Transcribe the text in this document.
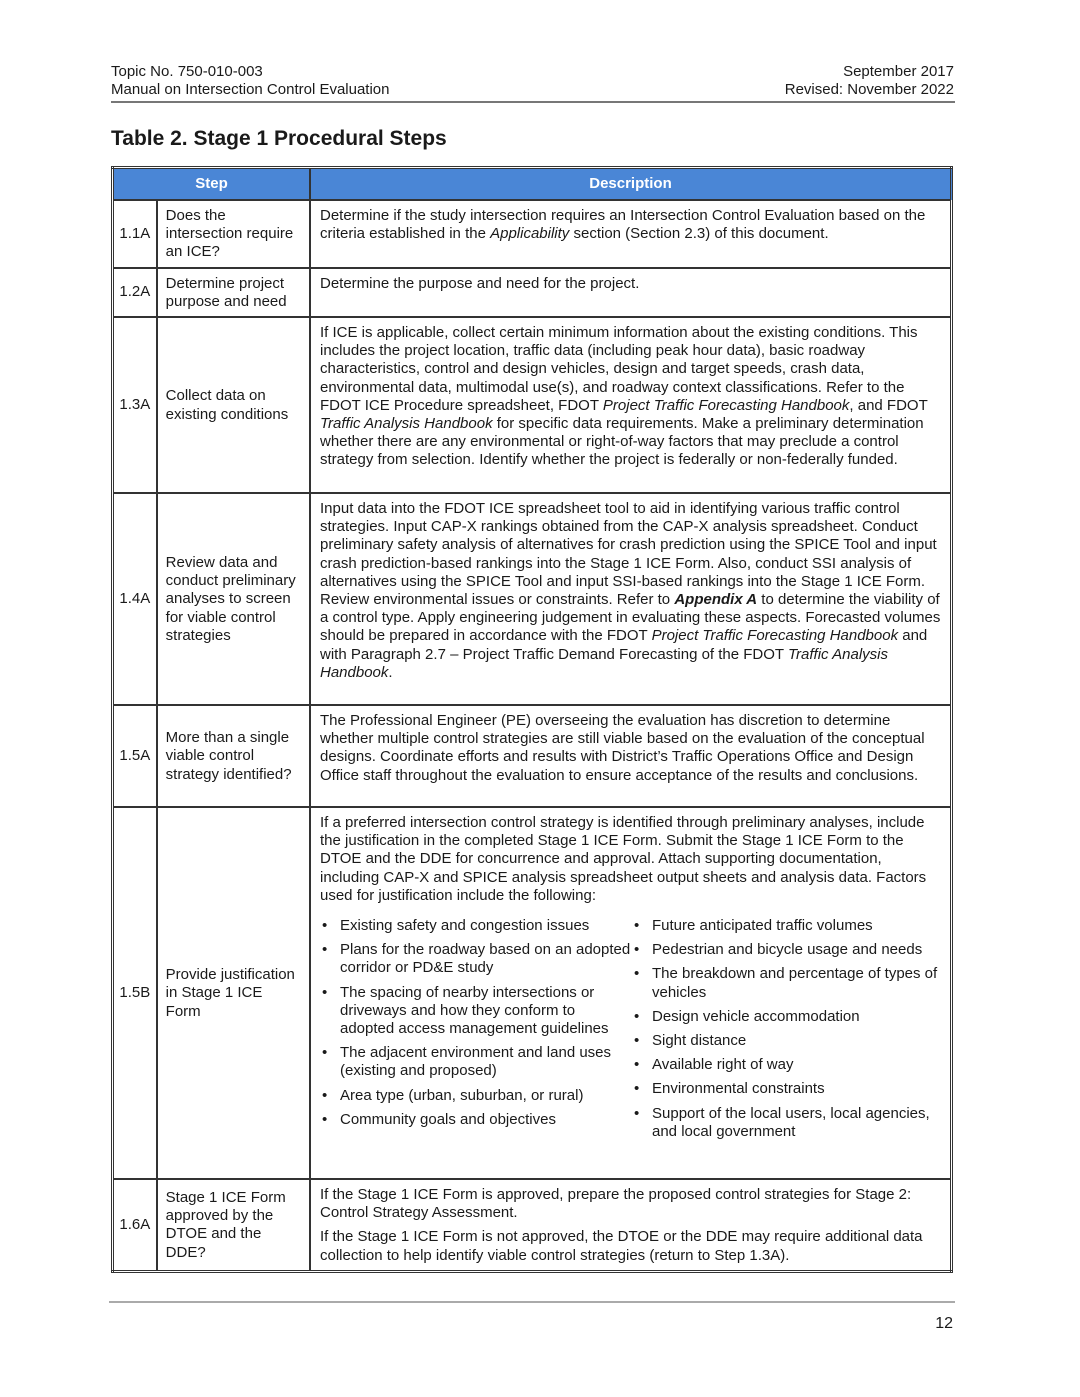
Topic No. 750-010-003
Manual on Intersection Control Evaluation
September 2017
Revised: November 2022
Table 2. Stage 1 Procedural Steps
Step		Description
1.1A	Does the intersection require an ICE?	Determine if the study intersection requires an Intersection Control Evaluation based on the criteria established in the Applicability section (Section 2.3) of this document.
1.2A	Determine project purpose and need	Determine the purpose and need for the project.
1.3A	Collect data on existing conditions	If ICE is applicable, collect certain minimum information about the existing conditions. This includes the project location, traffic data (including peak hour data), basic roadway characteristics, control and design vehicles, design and target speeds, crash data, environmental data, multimodal use(s), and roadway context classifications. Refer to the FDOT ICE Procedure spreadsheet, FDOT Project Traffic Forecasting Handbook, and FDOT Traffic Analysis Handbook for specific data requirements. Make a preliminary determination whether there are any environmental or right-of-way factors that may preclude a control strategy from selection. Identify whether the project is federally or non-federally funded.
1.4A	Review data and conduct preliminary analyses to screen for viable control strategies	Input data into the FDOT ICE spreadsheet tool to aid in identifying various traffic control strategies. Input CAP-X rankings obtained from the CAP-X analysis spreadsheet. Conduct preliminary safety analysis of alternatives for crash prediction using the SPICE Tool and input crash prediction-based rankings into the Stage 1 ICE Form. Also, conduct SSI analysis of alternatives using the SPICE Tool and input SSI-based rankings into the Stage 1 ICE Form. Review environmental issues or constraints. Refer to Appendix A to determine the viability of a control type. Apply engineering judgement in evaluating these aspects. Forecasted volumes should be prepared in accordance with the FDOT Project Traffic Forecasting Handbook and with Paragraph 2.7 – Project Traffic Demand Forecasting of the FDOT Traffic Analysis Handbook.
1.5A	More than a single viable control strategy identified?	The Professional Engineer (PE) overseeing the evaluation has discretion to determine whether multiple control strategies are still viable based on the evaluation of the conceptual designs. Coordinate efforts and results with District’s Traffic Operations Office and Design Office staff throughout the evaluation to ensure acceptance of the results and conclusions.
1.5B	Provide justification in Stage 1 ICE Form	

If a preferred intersection control strategy is identified through preliminary analyses, include the justification in the completed Stage 1 ICE Form. Submit the Stage 1 ICE Form to the DTOE and the DDE for concurrence and approval. Attach supporting documentation, including CAP-X and SPICE analysis spreadsheet output sheets and analysis data. Factors used for justification include the following:

• Existing safety and congestion issues
• Plans for the roadway based on an adopted corridor or PD&E study
• The spacing of nearby intersections or driveways and how they conform to adopted access management guidelines
• The adjacent environment and land uses (existing and proposed)
• Area type (urban, suburban, or rural)
• Community goals and objectives
• Future anticipated traffic volumes
• Pedestrian and bicycle usage and needs
• The breakdown and percentage of types of vehicles
• Design vehicle accommodation
• Sight distance
• Available right of way
• Environmental constraints
• Support of the local users, local agencies, and local government

1.6A	Stage 1 ICE Form approved by the DTOE and the DDE?	If the Stage 1 ICE Form is approved, prepare the proposed control strategies for Stage 2: Control Strategy Assessment.

If the Stage 1 ICE Form is not approved, the DTOE or the DDE may require additional data collection to help identify viable control strategies (return to Step 1.3A).

12
